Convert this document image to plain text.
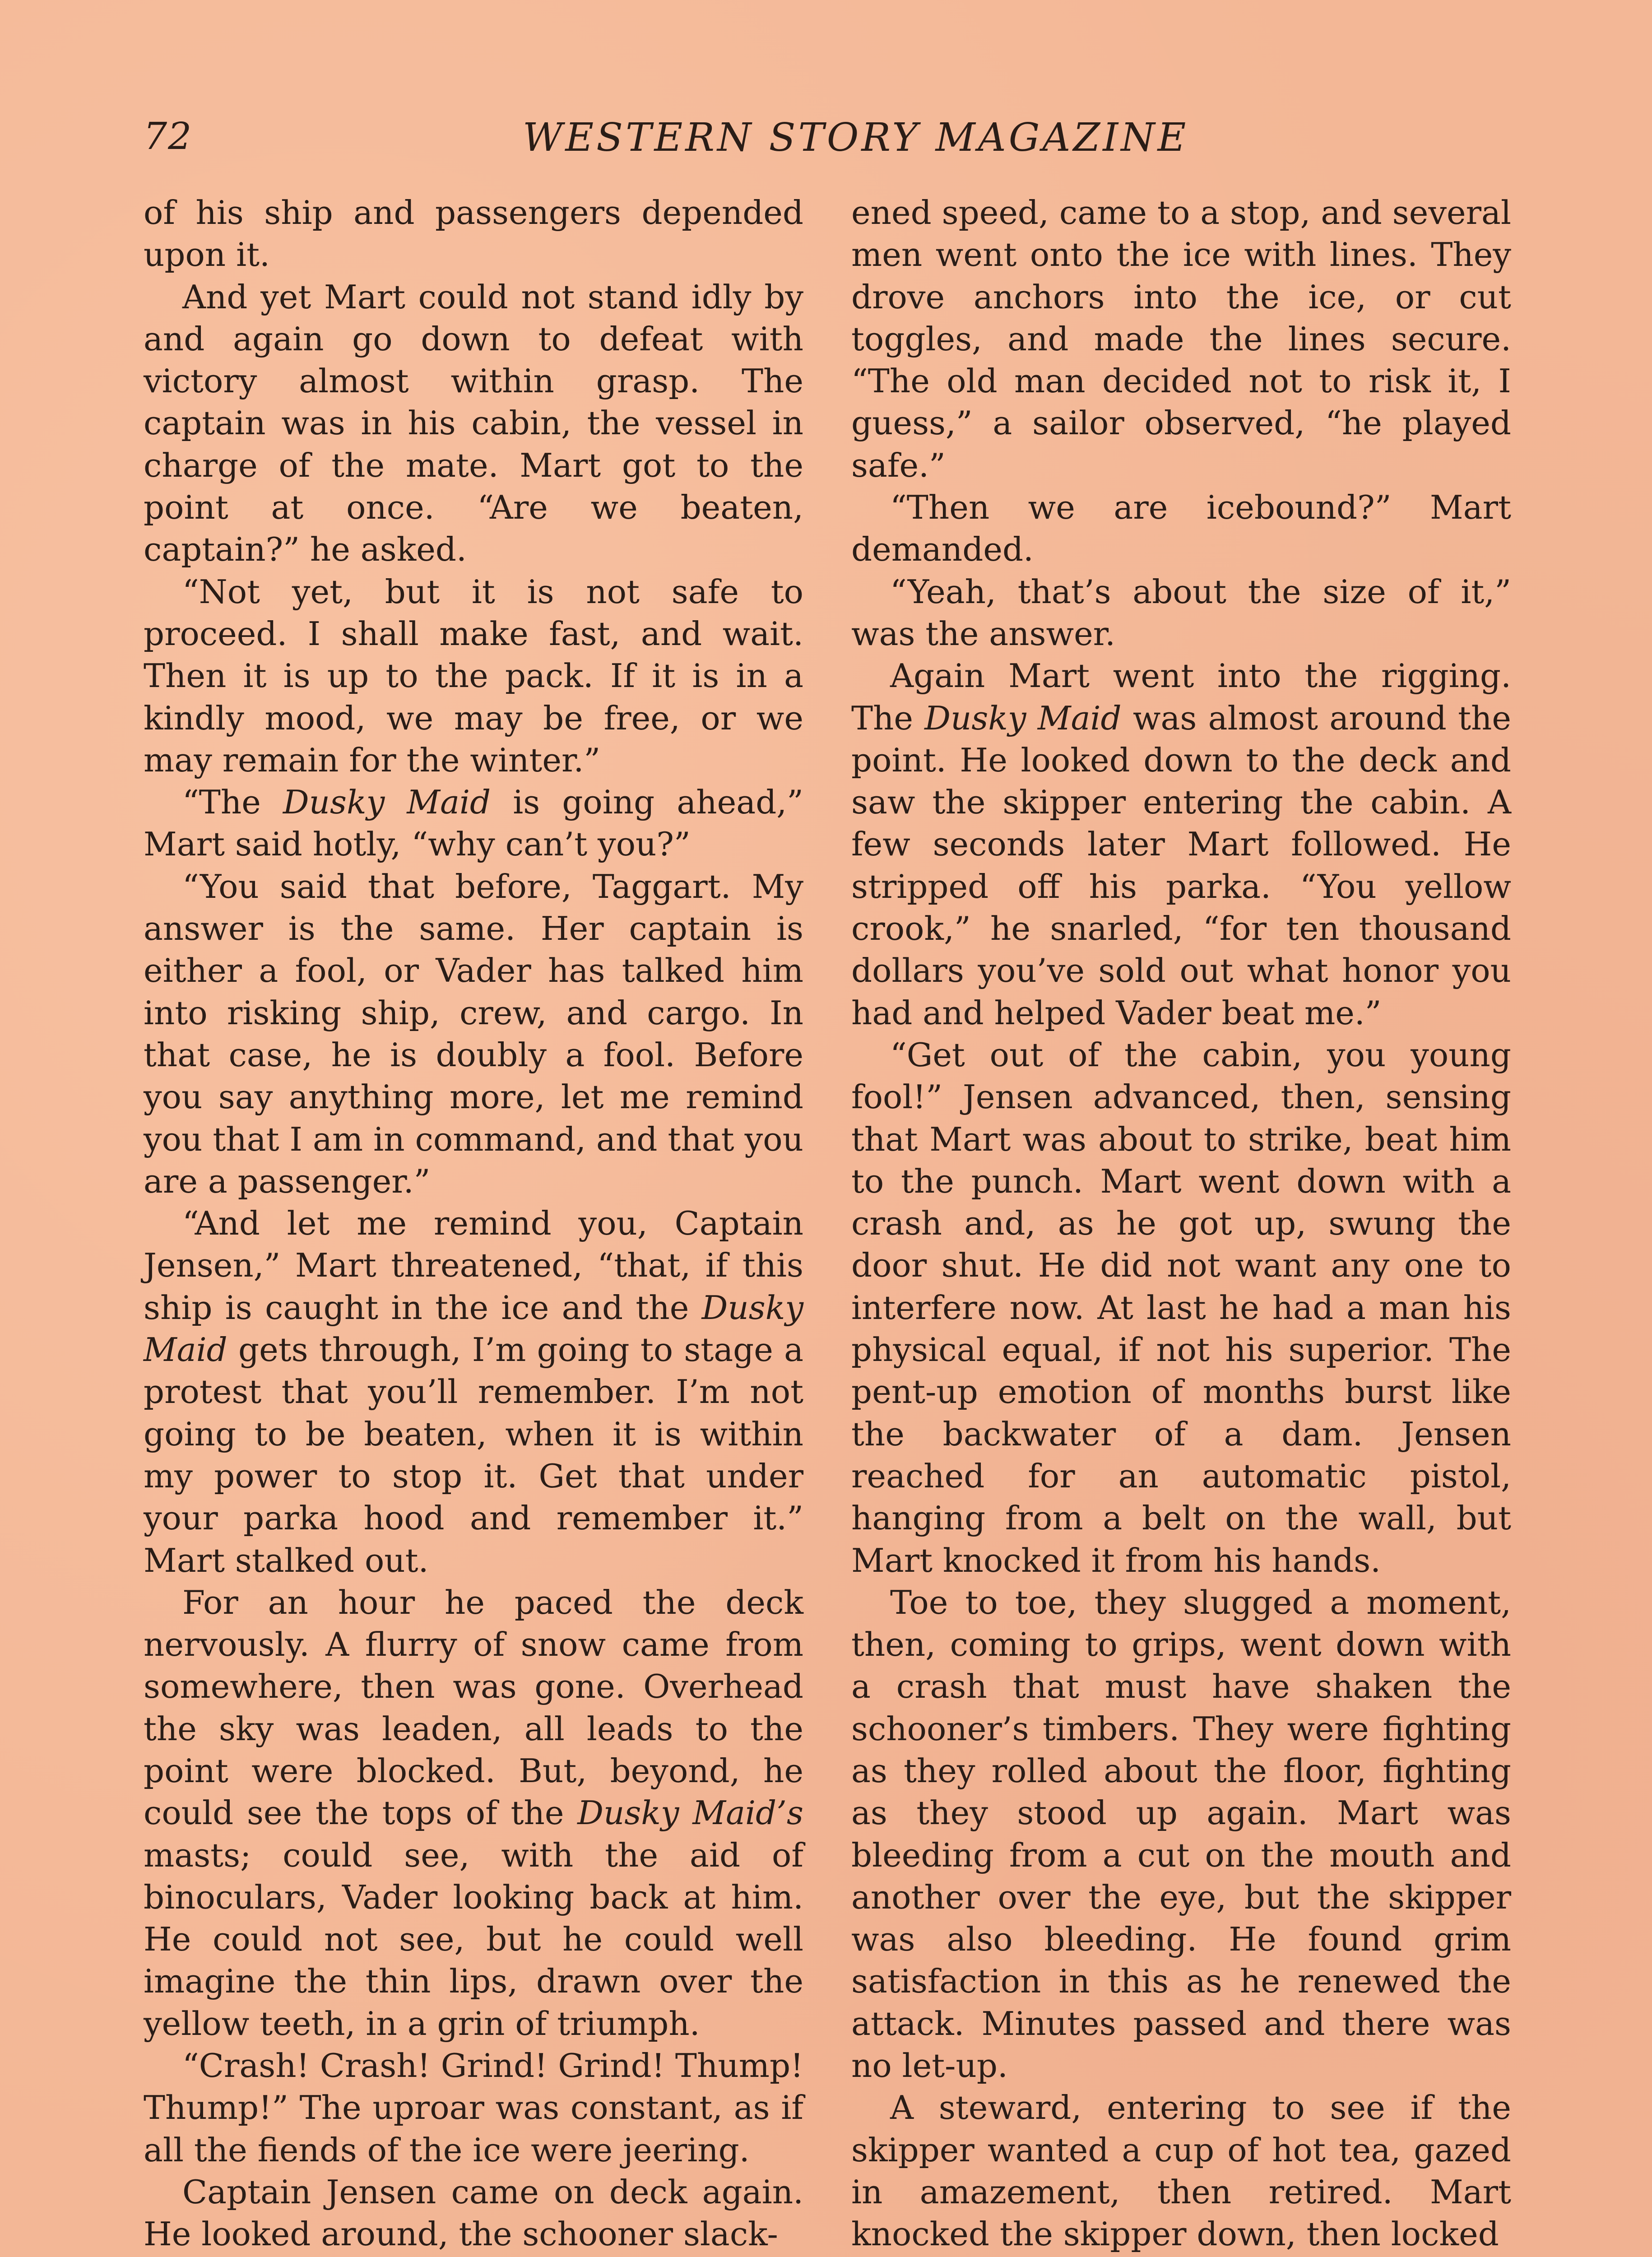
72	WESTERN STORY MAGAZINE

of his ship and passengers depended upon it.

And yet Mart could not stand idly by and again go down to defeat with victory almost within grasp. The captain was in his cabin, the vessel in charge of the mate. Mart got to the point at once. “Are we beaten, captain?” he asked.

“Not yet, but it is not safe to proceed. I shall make fast, and wait. Then it is up to the pack. If it is in a kindly mood, we may be free, or we may remain for the winter.”

“The Dusky Maid is going ahead,” Mart said hotly, “why can’t you?”

“You said that before, Taggart. My answer is the same. Her captain is either a fool, or Vader has talked him into risking ship, crew, and cargo. In that case, he is doubly a fool. Before you say anything more, let me remind you that I am in command, and that you are a passenger.”

“And let me remind you, Captain Jensen,” Mart threatened, “that, if this ship is caught in the ice and the Dusky Maid gets through, I’m going to stage a protest that you’ll remember. I’m not going to be beaten, when it is within my power to stop it. Get that under your parka hood and remember it.” Mart stalked out.

For an hour he paced the deck nervously. A flurry of snow came from somewhere, then was gone. Overhead the sky was leaden, all leads to the point were blocked. But, beyond, he could see the tops of the Dusky Maid’s masts; could see, with the aid of binoculars, Vader looking back at him. He could not see, but he could well imagine the thin lips, drawn over the yellow teeth, in a grin of triumph.

“Crash! Crash! Grind! Grind! Thump! Thump!” The uproar was constant, as if all the fiends of the ice were jeering.

Captain Jensen came on deck again. He looked around, the schooner slack-

ened speed, came to a stop, and several men went onto the ice with lines. They drove anchors into the ice, or cut toggles, and made the lines secure. “The old man decided not to risk it, I guess,” a sailor observed, “he played safe.”

“Then we are icebound?” Mart demanded.

“Yeah, that’s about the size of it,” was the answer.

Again Mart went into the rigging. The Dusky Maid was almost around the point. He looked down to the deck and saw the skipper entering the cabin. A few seconds later Mart followed. He stripped off his parka. “You yellow crook,” he snarled, “for ten thousand dollars you’ve sold out what honor you had and helped Vader beat me.”

“Get out of the cabin, you young fool!” Jensen advanced, then, sensing that Mart was about to strike, beat him to the punch. Mart went down with a crash and, as he got up, swung the door shut. He did not want any one to interfere now. At last he had a man his physical equal, if not his superior. The pent-up emotion of months burst like the backwater of a dam. Jensen reached for an automatic pistol, hanging from a belt on the wall, but Mart knocked it from his hands.

Toe to toe, they slugged a moment, then, coming to grips, went down with a crash that must have shaken the schooner’s timbers. They were fighting as they rolled about the floor, fighting as they stood up again. Mart was bleeding from a cut on the mouth and another over the eye, but the skipper was also bleeding. He found grim satisfaction in this as he renewed the attack. Minutes passed and there was no let-up.

A steward, entering to see if the skipper wanted a cup of hot tea, gazed in amazement, then retired. Mart knocked the skipper down, then locked
